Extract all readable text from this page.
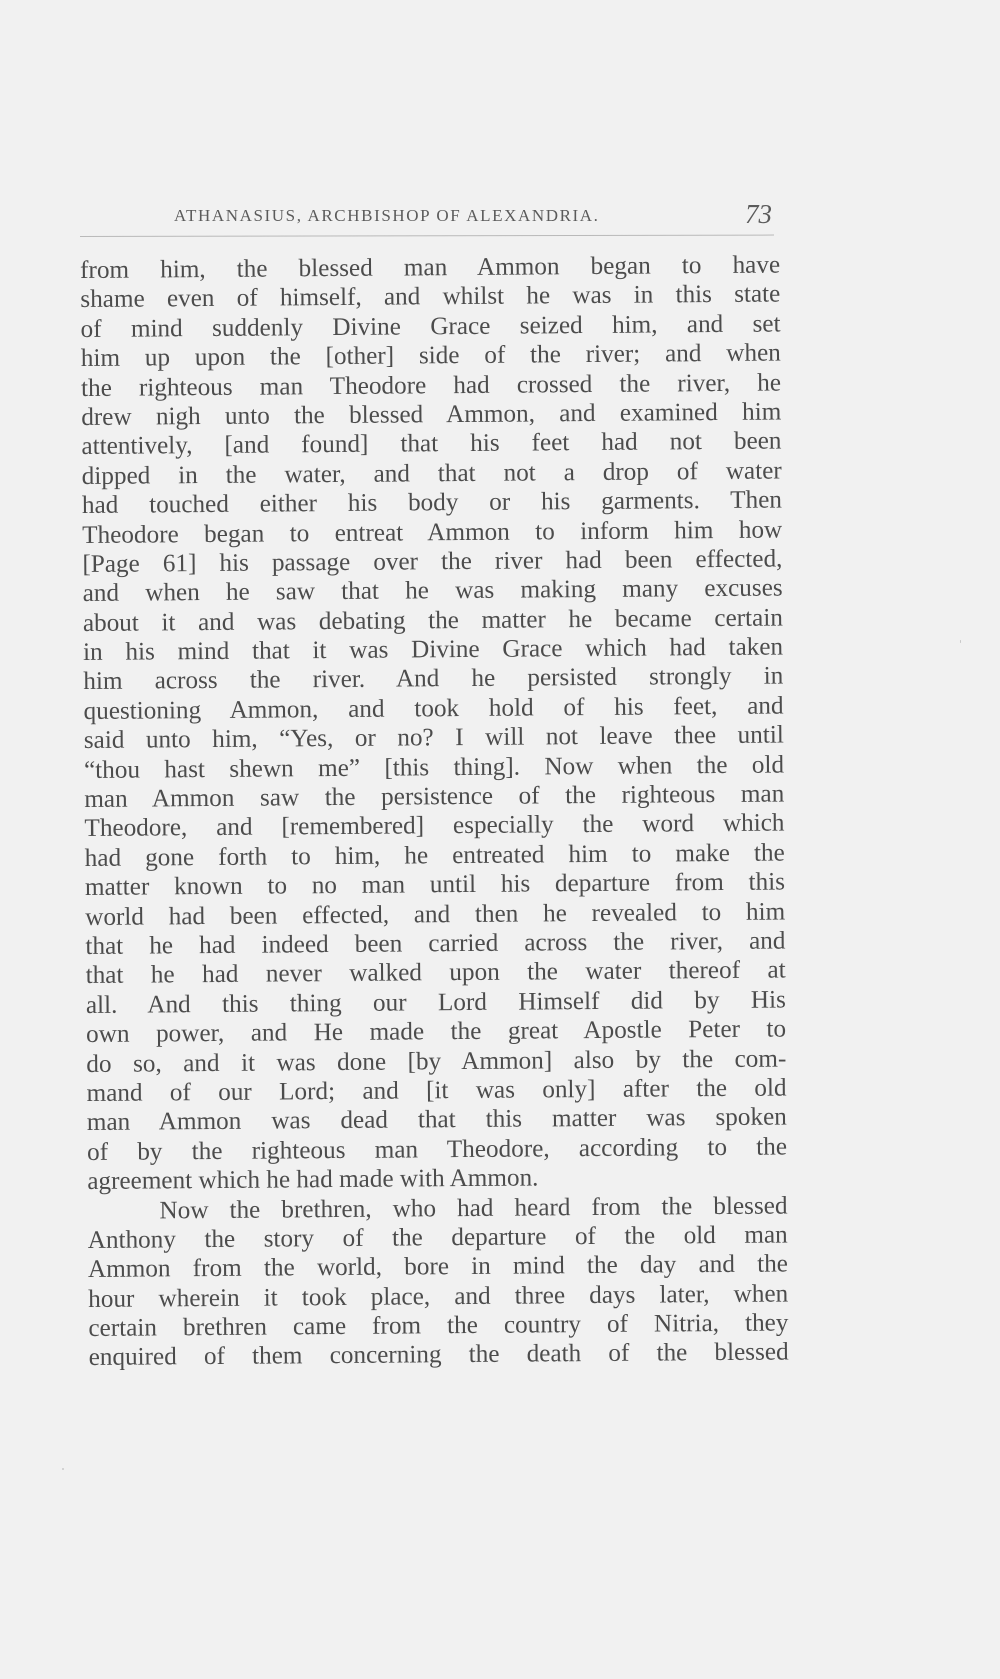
ATHANASIUS, ARCHBISHOP OF ALEXANDRIA.	73
from him, the blessed man Ammon began to have
shame even of himself, and whilst he was in this state
of mind suddenly Divine Grace seized him, and set
him up upon the [other] side of the river; and when
the righteous man Theodore had crossed the river, he
drew nigh unto the blessed Ammon, and examined him
attentively, [and found] that his feet had not been
dipped in the water, and that not a drop of water
had touched either his body or his garments. Then
Theodore began to entreat Ammon to inform him how
[Page 61] his passage over the river had been effected,
and when he saw that he was making many excuses
about it and was debating the matter he became certain
in his mind that it was Divine Grace which had taken
him across the river. And he persisted strongly in
questioning Ammon, and took hold of his feet, and
said unto him, “Yes, or no? I will not leave thee until
“thou hast shewn me” [this thing]. Now when the old
man Ammon saw the persistence of the righteous man
Theodore, and [remembered] especially the word which
had gone forth to him, he entreated him to make the
matter known to no man until his departure from this
world had been effected, and then he revealed to him
that he had indeed been carried across the river, and
that he had never walked upon the water thereof at
all. And this thing our Lord Himself did by His
own power, and He made the great Apostle Peter to
do so, and it was done [by Ammon] also by the com-
mand of our Lord; and [it was only] after the old
man Ammon was dead that this matter was spoken
of by the righteous man Theodore, according to the
agreement which he had made with Ammon.
Now the brethren, who had heard from the blessed
Anthony the story of the departure of the old man
Ammon from the world, bore in mind the day and the
hour wherein it took place, and three days later, when
certain brethren came from the country of Nitria, they
enquired of them concerning the death of the blessed
